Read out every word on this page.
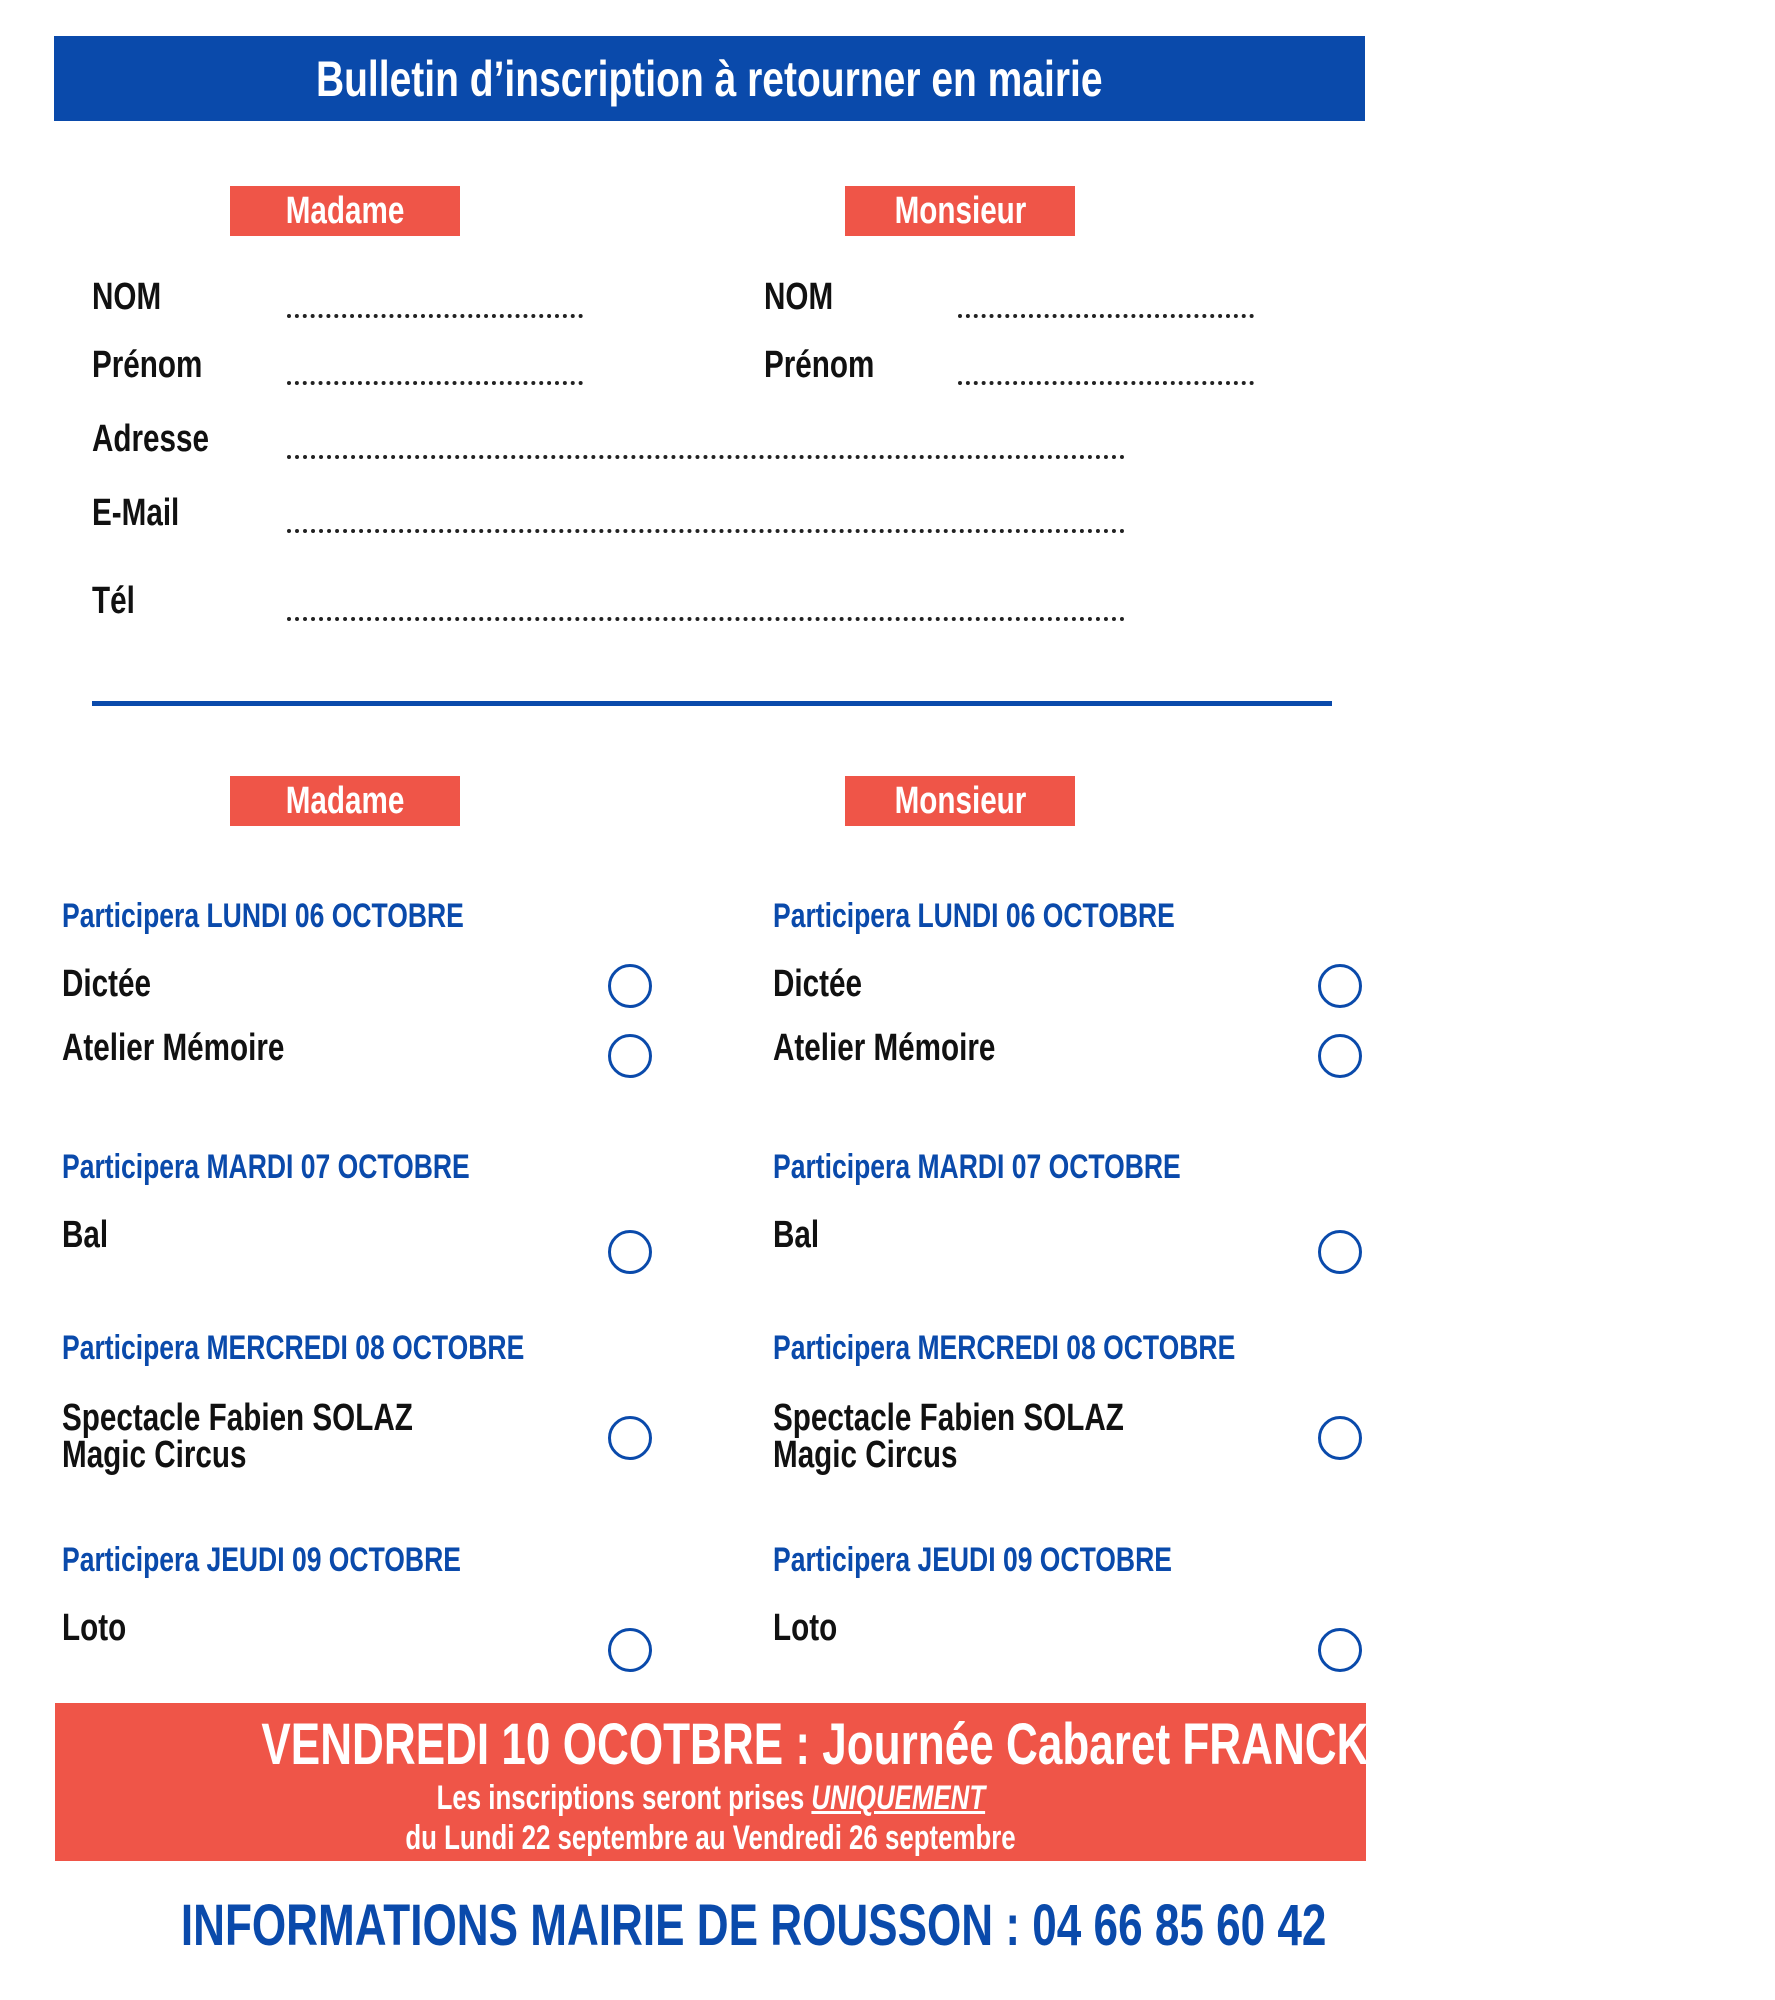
Bulletin d’inscription à retourner en mairie
Madame	Monsieur
NOM
Prénom
NOM
Prénom
Adresse
E-Mail
Tél
Madame	Monsieur
Participera LUNDI 06 OCTOBRE
Dictée
Atelier Mémoire
Participera MARDI 07 OCTOBRE
Bal
Participera MERCREDI 08 OCTOBRE
Spectacle Fabien SOLAZ
Magic Circus
Participera JEUDI 09 OCTOBRE
Loto
Participera LUNDI 06 OCTOBRE
Dictée
Atelier Mémoire
Participera MARDI 07 OCTOBRE
Bal
Participera MERCREDI 08 OCTOBRE
Spectacle Fabien SOLAZ
Magic Circus
Participera JEUDI 09 OCTOBRE
Loto
VENDREDI 10 OCOTBRE : Journée Cabaret FRANCKY FOLIES
Les inscriptions seront prises UNIQUEMENT
du Lundi 22 septembre au Vendredi 26 septembre
INFORMATIONS MAIRIE DE ROUSSON : 04 66 85 60 42
